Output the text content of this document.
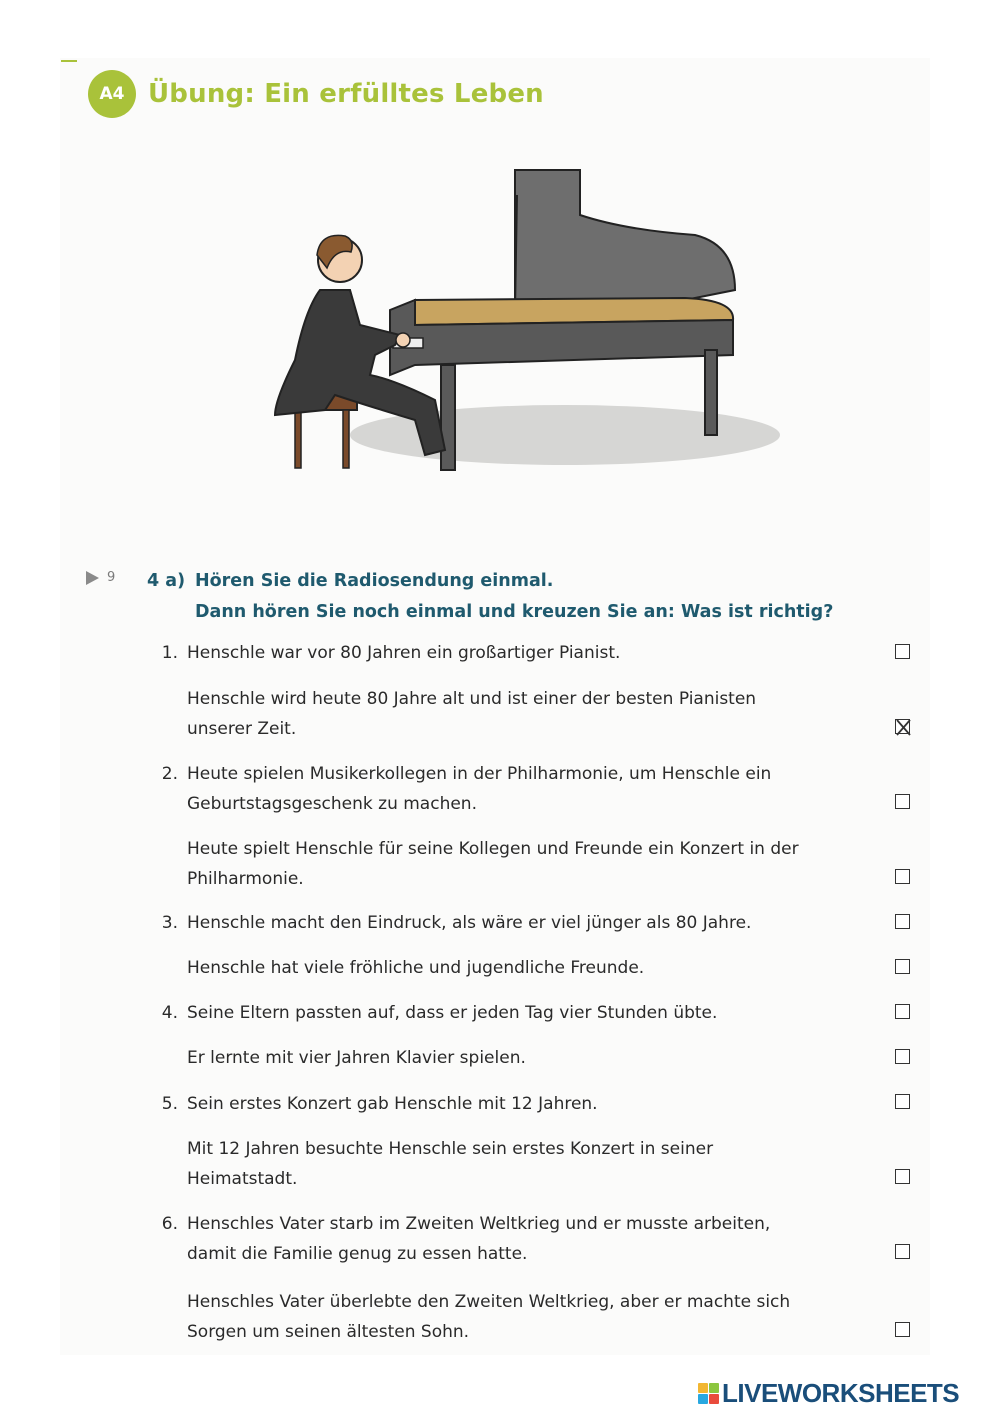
A4 Übung: Ein erfülltes Leben
9 4 a) Hören Sie die Radiosendung einmal.
Dann hören Sie noch einmal und kreuzen Sie an: Was ist richtig?
1. Henschle war vor 80 Jahren ein großartiger Pianist.
Henschle wird heute 80 Jahre alt und ist einer der besten Pianisten
unserer Zeit.
2. Heute spielen Musikerkollegen in der Philharmonie, um Henschle ein
Geburtstagsgeschenk zu machen.
Heute spielt Henschle für seine Kollegen und Freunde ein Konzert in der
Philharmonie.
3. Henschle macht den Eindruck, als wäre er viel jünger als 80 Jahre.
Henschle hat viele fröhliche und jugendliche Freunde.
4. Seine Eltern passten auf, dass er jeden Tag vier Stunden übte.
Er lernte mit vier Jahren Klavier spielen.
5. Sein erstes Konzert gab Henschle mit 12 Jahren.
Mit 12 Jahren besuchte Henschle sein erstes Konzert in seiner
Heimatstadt.
6. Henschles Vater starb im Zweiten Weltkrieg und er musste arbeiten,
damit die Familie genug zu essen hatte.
Henschles Vater überlebte den Zweiten Weltkrieg, aber er machte sich
Sorgen um seinen ältesten Sohn.
LIVEWORKSHEETS
